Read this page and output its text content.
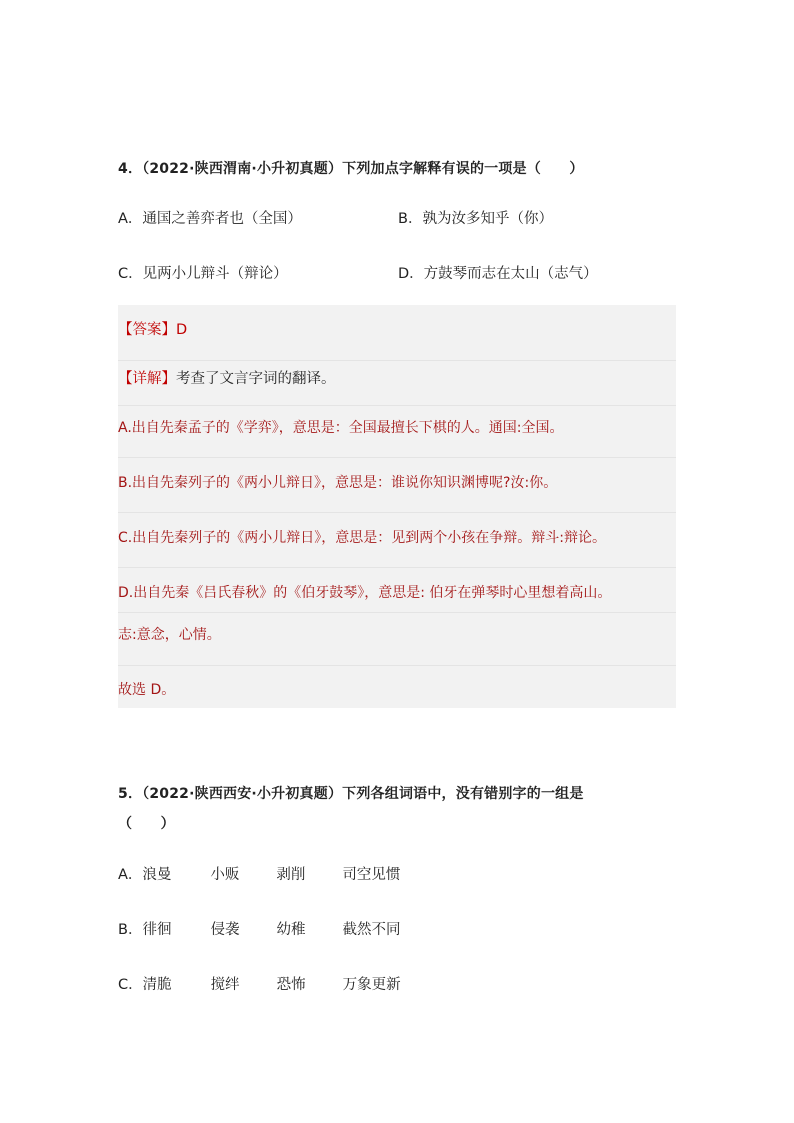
4．（2022·陕西渭南·小升初真题）下列加点字解释有误的一项是（　　）
A．通国之善弈者也（全国）	B．孰为汝多知乎（你）
C．见两小儿辩斗（辩论）	D．方鼓琴而志在太山（志气）
【答案】D
【详解】考查了文言字词的翻译。
A.出自先秦孟子的《学弈》，意思是：全国最擅长下棋的人。通国:全国。
B.出自先秦列子的《两小儿辩日》，意思是：谁说你知识渊博呢?汝:你。
C.出自先秦列子的《两小儿辩日》，意思是：见到两个小孩在争辩。辩斗:辩论。
D.出自先秦《吕氏春秋》的《伯牙鼓琴》，意思是: 伯牙在弹琴时心里想着高山。
志:意念，心情。
故选 D。
5．（2022·陕西西安·小升初真题）下列各组词语中，没有错别字的一组是
（　　）
A．浪曼	小贩	剥削	司空见惯
B．徘徊	侵袭	幼稚	截然不同
C．清脆	搅绊	恐怖	万象更新
